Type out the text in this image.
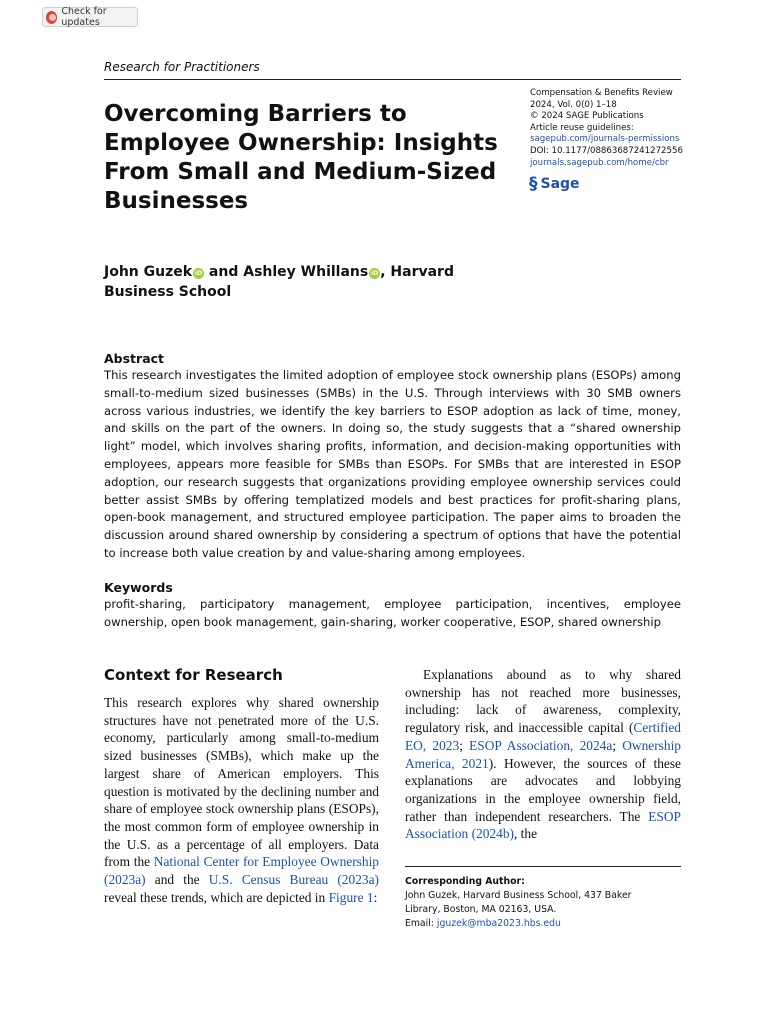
Check for updates
Research for Practitioners
Overcoming Barriers to Employee Ownership: Insights From Small and Medium-Sized Businesses
Compensation & Benefits Review
2024, Vol. 0(0) 1–18
© 2024 SAGE Publications
Article reuse guidelines:
sagepub.com/journals-permissions
DOI: 10.1177/08863687241272556
journals.sagepub.com/home/cbr
§ Sage

John Guzek iD and Ashley Whillans iD , Harvard Business School

Abstract

This research investigates the limited adoption of employee stock ownership plans (ESOPs) among small-to-medium sized businesses (SMBs) in the U.S. Through interviews with 30 SMB owners across various industries, we identify the key barriers to ESOP adoption as lack of time, money, and skills on the part of the owners. In doing so, the study suggests that a “shared ownership light” model, which involves sharing profits, information, and decision-making opportunities with employees, appears more feasible for SMBs than ESOPs. For SMBs that are interested in ESOP adoption, our research suggests that organizations providing employee ownership services could better assist SMBs by offering templatized models and best practices for profit-sharing plans, open-book management, and structured employee participation. The paper aims to broaden the discussion around shared ownership by considering a spectrum of options that have the potential to increase both value creation by and value-sharing among employees.

Keywords

profit-sharing, participatory management, employee participation, incentives, employee ownership, open book management, gain-sharing, worker cooperative, ESOP, shared ownership

Context for Research

This research explores why shared ownership structures have not penetrated more of the U.S. economy, particularly among small-to-medium sized businesses (SMBs), which make up the largest share of American employers. This question is motivated by the declining number and share of employee stock ownership plans (ESOPs), the most common form of employee ownership in the U.S. as a percentage of all employers. Data from the National Center for Employee Ownership (2023a) and the U.S. Census Bureau (2023a) reveal these trends, which are depicted in Figure 1:

Explanations abound as to why shared ownership has not reached more businesses, including: lack of awareness, complexity, regulatory risk, and inaccessible capital (Certified EO, 2023; ESOP Association, 2024a; Ownership America, 2021). However, the sources of these explanations are advocates and lobbying organizations in the employee ownership field, rather than independent researchers. The ESOP Association (2024b), the

Corresponding Author:
John Guzek, Harvard Business School, 437 Baker
Library, Boston, MA 02163, USA.
Email: jguzek@mba2023.hbs.edu
